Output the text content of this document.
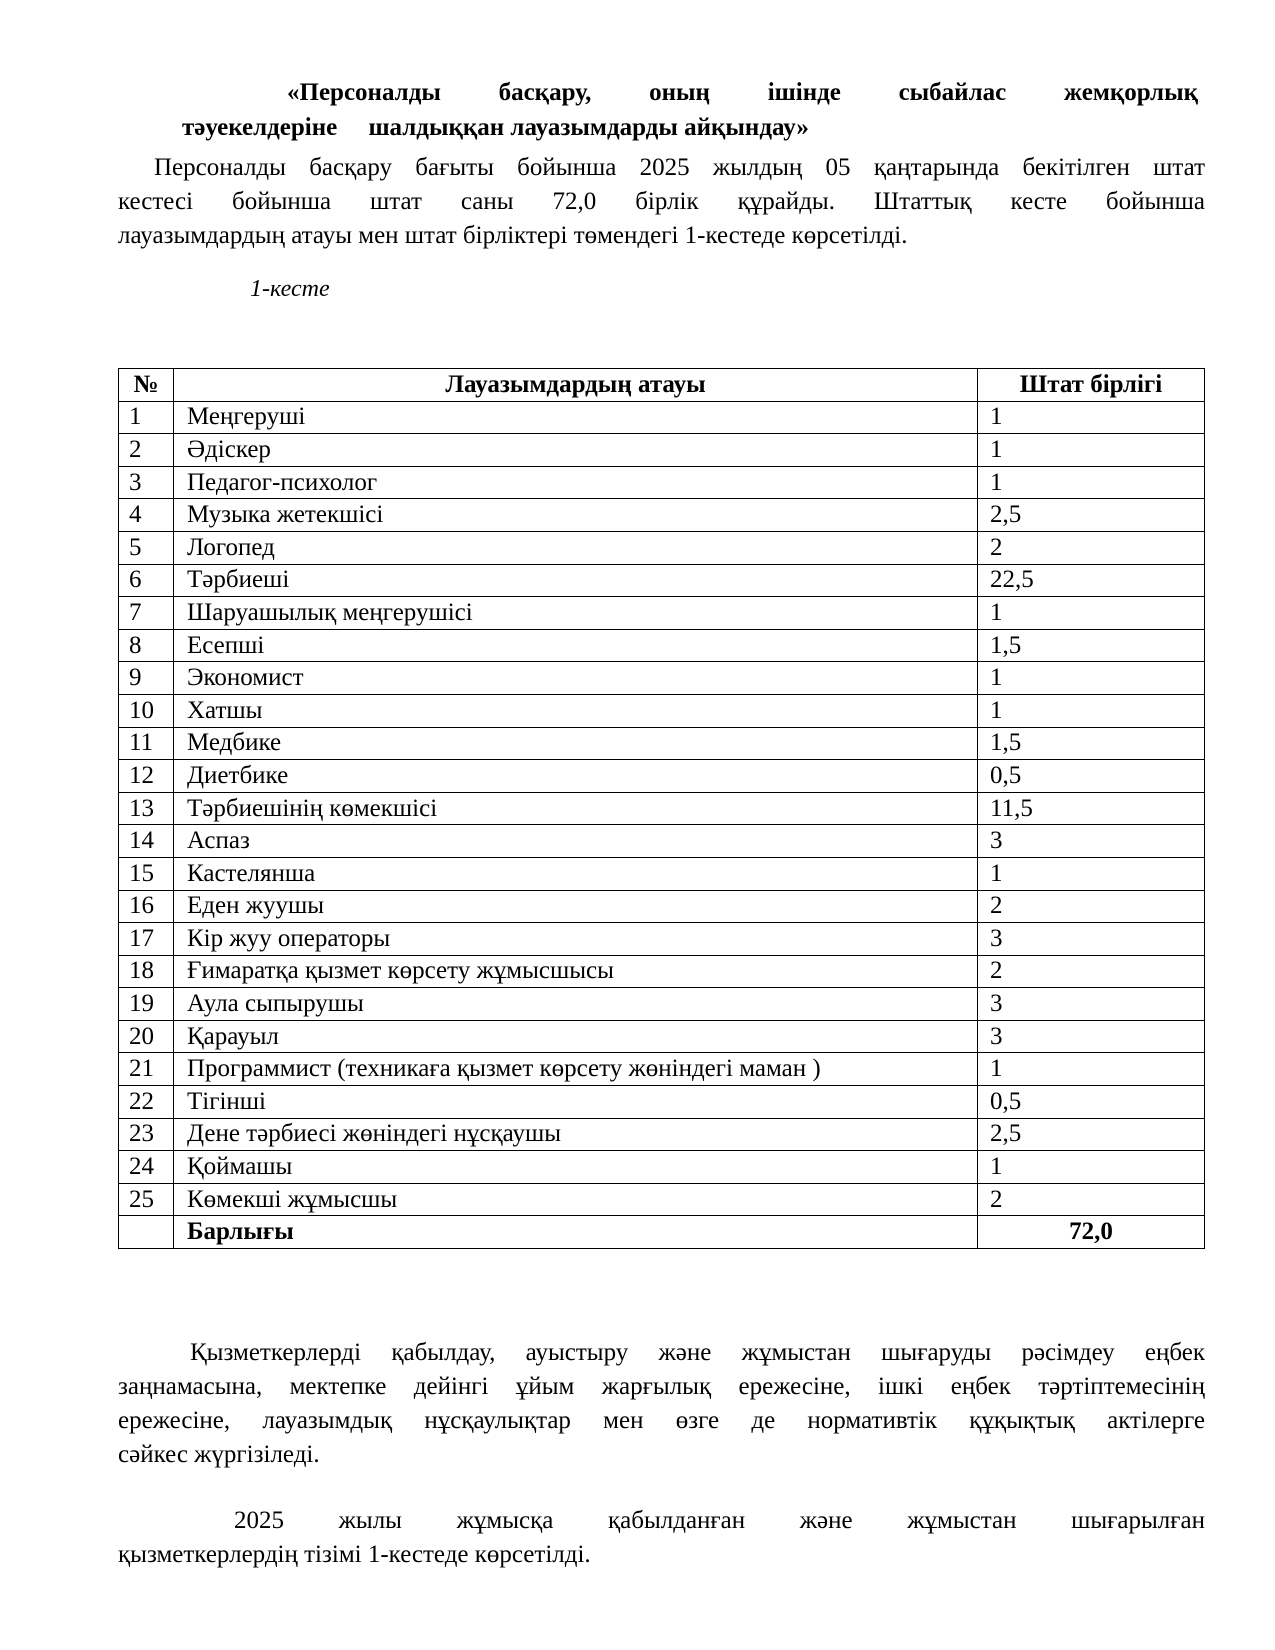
«Персоналды басқару, оның ішінде сыбайлас жемқорлық
тәуекелдеріне     шалдыққан лауазымдарды айқындау»
Персоналды басқару бағыты бойынша 2025 жылдың 05 қаңтарында бекітілген штат
кестесі бойынша штат саны 72,0 бірлік құрайды. Штаттық кесте бойынша
лауазымдардың атауы мен штат бірліктері төмендегі 1-кестеде көрсетілді.
1-кесте
№	Лауазымдардың атауы	Штат бірлігі
1	Меңгеруші	1
2	Әдіскер	1
3	Педагог-психолог	1
4	Музыка жетекшісі	2,5
5	Логопед	2
6	Тәрбиеші	22,5
7	Шаруашылық меңгерушісі	1
8	Есепші	1,5
9	Экономист	1
10	Хатшы	1
11	Медбике	1,5
12	Диетбике	0,5
13	Тәрбиешінің көмекшісі	11,5
14	Аспаз	3
15	Кастелянша	1
16	Еден жуушы	2
17	Кір жуу операторы	3
18	Ғимаратқа қызмет көрсету жұмысшысы	2
19	Аула сыпырушы	3
20	Қарауыл	3
21	Программист (техникаға қызмет көрсету жөніндегі маман )	1
22	Тігінші	0,5
23	Дене тәрбиесі жөніндегі нұсқаушы	2,5
24	Қоймашы	1
25	Көмекші жұмысшы	2
	Барлығы	72,0
Қызметкерлерді қабылдау, ауыстыру және жұмыстан шығаруды рәсімдеу еңбек
заңнамасына, мектепке дейінгі ұйым жарғылық ережесіне, ішкі еңбек тәртіптемесінің
ережесіне, лауазымдық нұсқаулықтар мен өзге де нормативтік құқықтық актілерге
сәйкес жүргізіледі.
2025 жылы жұмысқа қабылданған және жұмыстан шығарылған
қызметкерлердің тізімі 1-кестеде көрсетілді.
